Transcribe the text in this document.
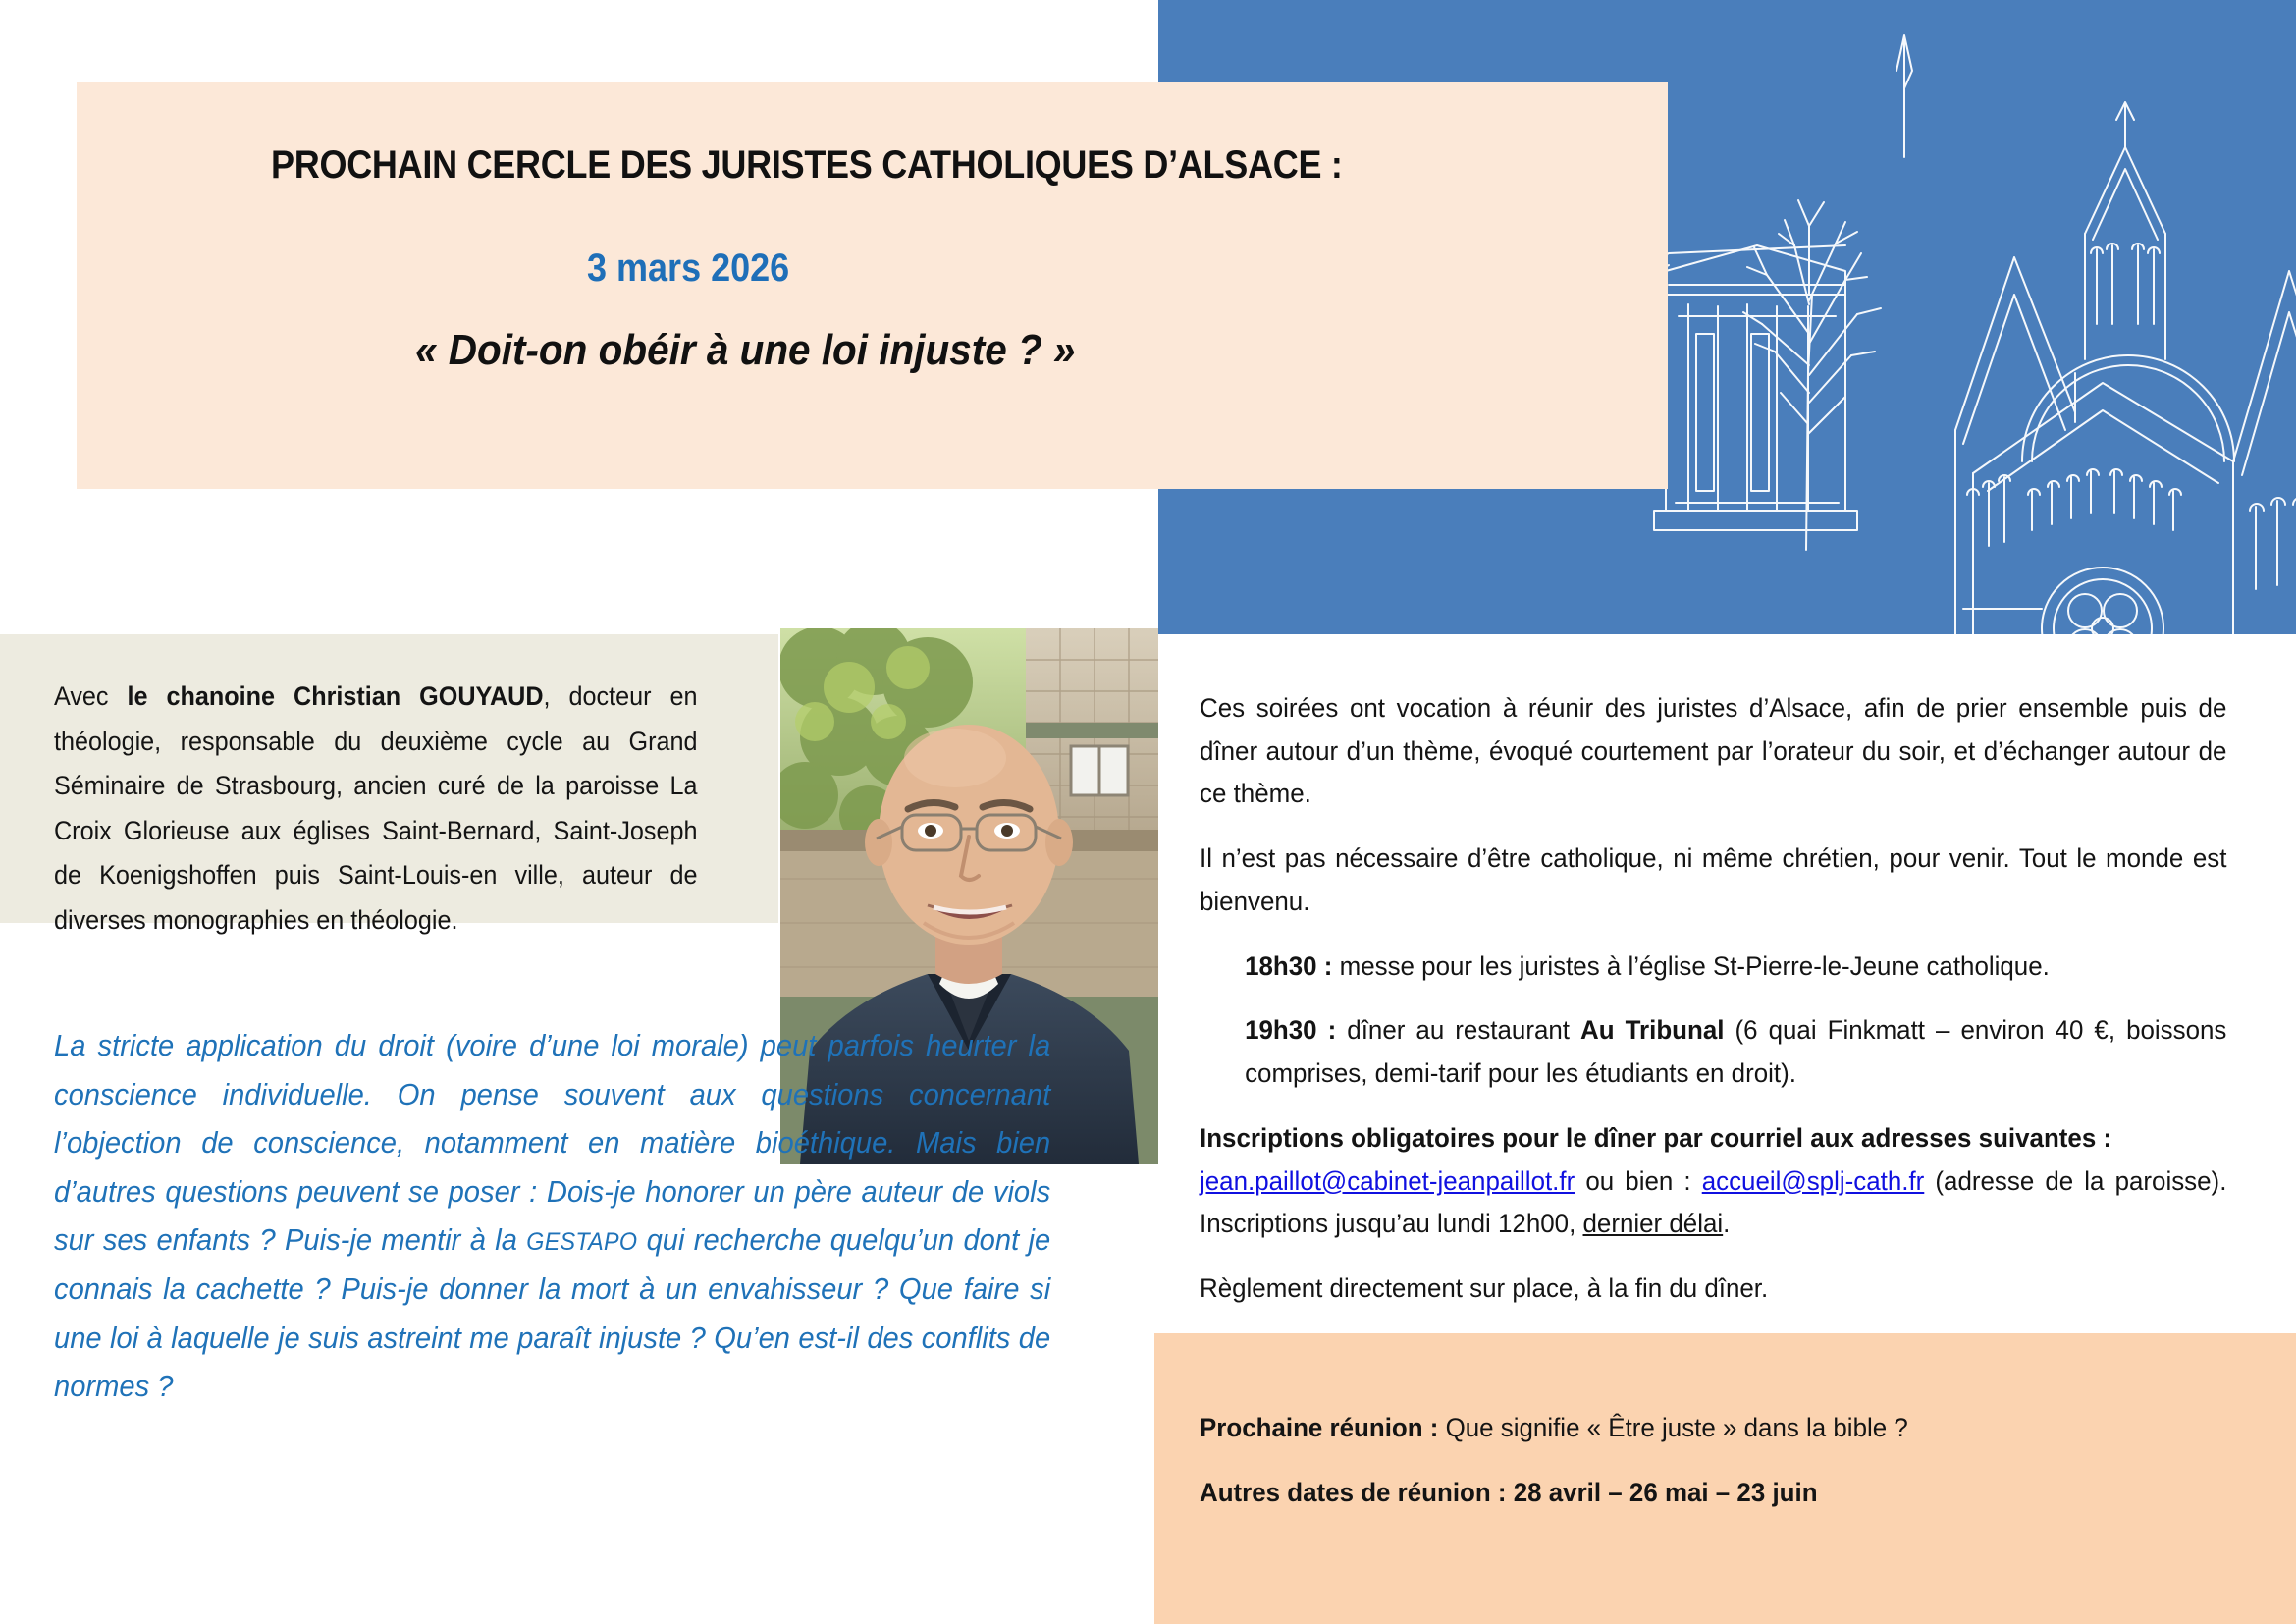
PROCHAIN CERCLE DES JURISTES CATHOLIQUES D’ALSACE :
3 mars 2026
« Doit-on obéir à une loi injuste ? »
Avec le chanoine Christian GOUYAUD, docteur en théologie, responsable du deuxième cycle au Grand Séminaire de Strasbourg, ancien curé de la paroisse La Croix Glorieuse aux églises Saint-Bernard, Saint-Joseph de Koenigshoffen puis Saint-Louis-en ville, auteur de diverses monographies en théologie.
La stricte application du droit (voire d’une loi morale) peut parfois heurter la conscience individuelle. On pense souvent aux questions concernant l’objection de conscience, notamment en matière bioéthique. Mais bien d’autres questions peuvent se poser : Dois-je honorer un père auteur de viols sur ses enfants ? Puis-je mentir à la GESTAPO qui recherche quelqu’un dont je connais la cachette ? Puis-je donner la mort à un envahisseur ? Que faire si une loi à laquelle je suis astreint me paraît injuste ? Qu’en est-il des conflits de normes ?

Ces soirées ont vocation à réunir des juristes d’Alsace, afin de prier ensemble puis de dîner autour d’un thème, évoqué courtement par l’orateur du soir, et d’échanger autour de ce thème.

Il n’est pas nécessaire d’être catholique, ni même chrétien, pour venir. Tout le monde est bienvenu.

18h30 : messe pour les juristes à l’église St-Pierre-le-Jeune catholique.

19h30 : dîner au restaurant Au Tribunal (6 quai Finkmatt – environ 40 €, boissons comprises, demi-tarif pour les étudiants en droit).

Inscriptions obligatoires pour le dîner par courriel aux adresses suivantes :
jean.paillot@cabinet-jeanpaillot.fr ou bien : accueil@splj-cath.fr (adresse de la paroisse). Inscriptions jusqu’au lundi 12h00, dernier délai.

Règlement directement sur place, à la fin du dîner.

Prochaine réunion : Que signifie « Être juste » dans la bible ?

Autres dates de réunion : 28 avril – 26 mai – 23 juin
